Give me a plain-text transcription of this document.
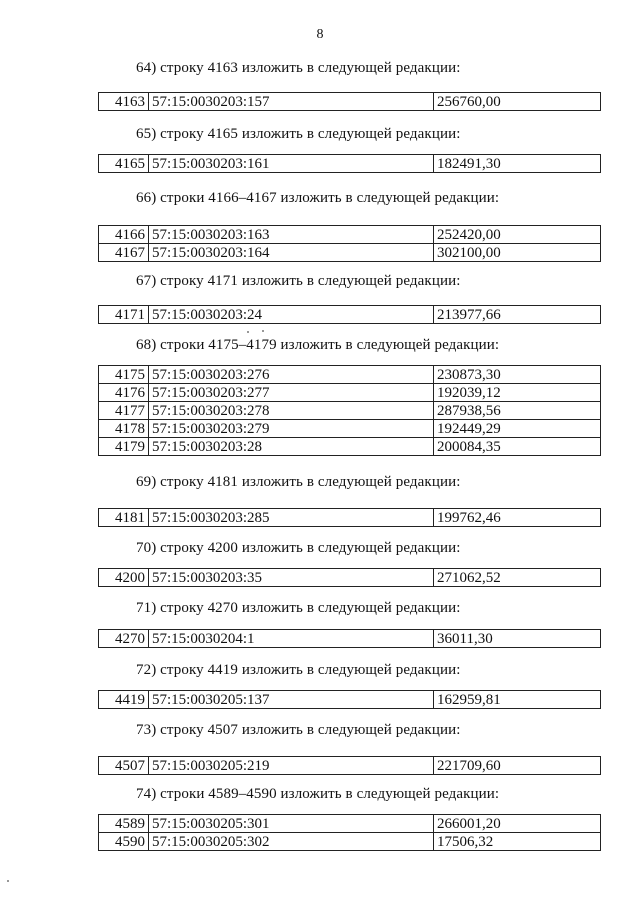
8
64) строку 4163 изложить в следующей редакции:
4163	57:15:0030203:157	256760,00
65) строку 4165 изложить в следующей редакции:
4165	57:15:0030203:161	182491,30
66) строки 4166–4167 изложить в следующей редакции:
4166	57:15:0030203:163	252420,00
4167	57:15:0030203:164	302100,00
67) строку 4171 изложить в следующей редакции:
4171	57:15:0030203:24	213977,66
68) строки 4175–4179 изложить в следующей редакции:
4175	57:15:0030203:276	230873,30
4176	57:15:0030203:277	192039,12
4177	57:15:0030203:278	287938,56
4178	57:15:0030203:279	192449,29
4179	57:15:0030203:28	200084,35
69) строку 4181 изложить в следующей редакции:
4181	57:15:0030203:285	199762,46
70) строку 4200 изложить в следующей редакции:
4200	57:15:0030203:35	271062,52
71) строку 4270 изложить в следующей редакции:
4270	57:15:0030204:1	36011,30
72) строку 4419 изложить в следующей редакции:
4419	57:15:0030205:137	162959,81
73) строку 4507 изложить в следующей редакции:
4507	57:15:0030205:219	221709,60
74) строки 4589–4590 изложить в следующей редакции:
4589	57:15:0030205:301	266001,20
4590	57:15:0030205:302	17506,32
